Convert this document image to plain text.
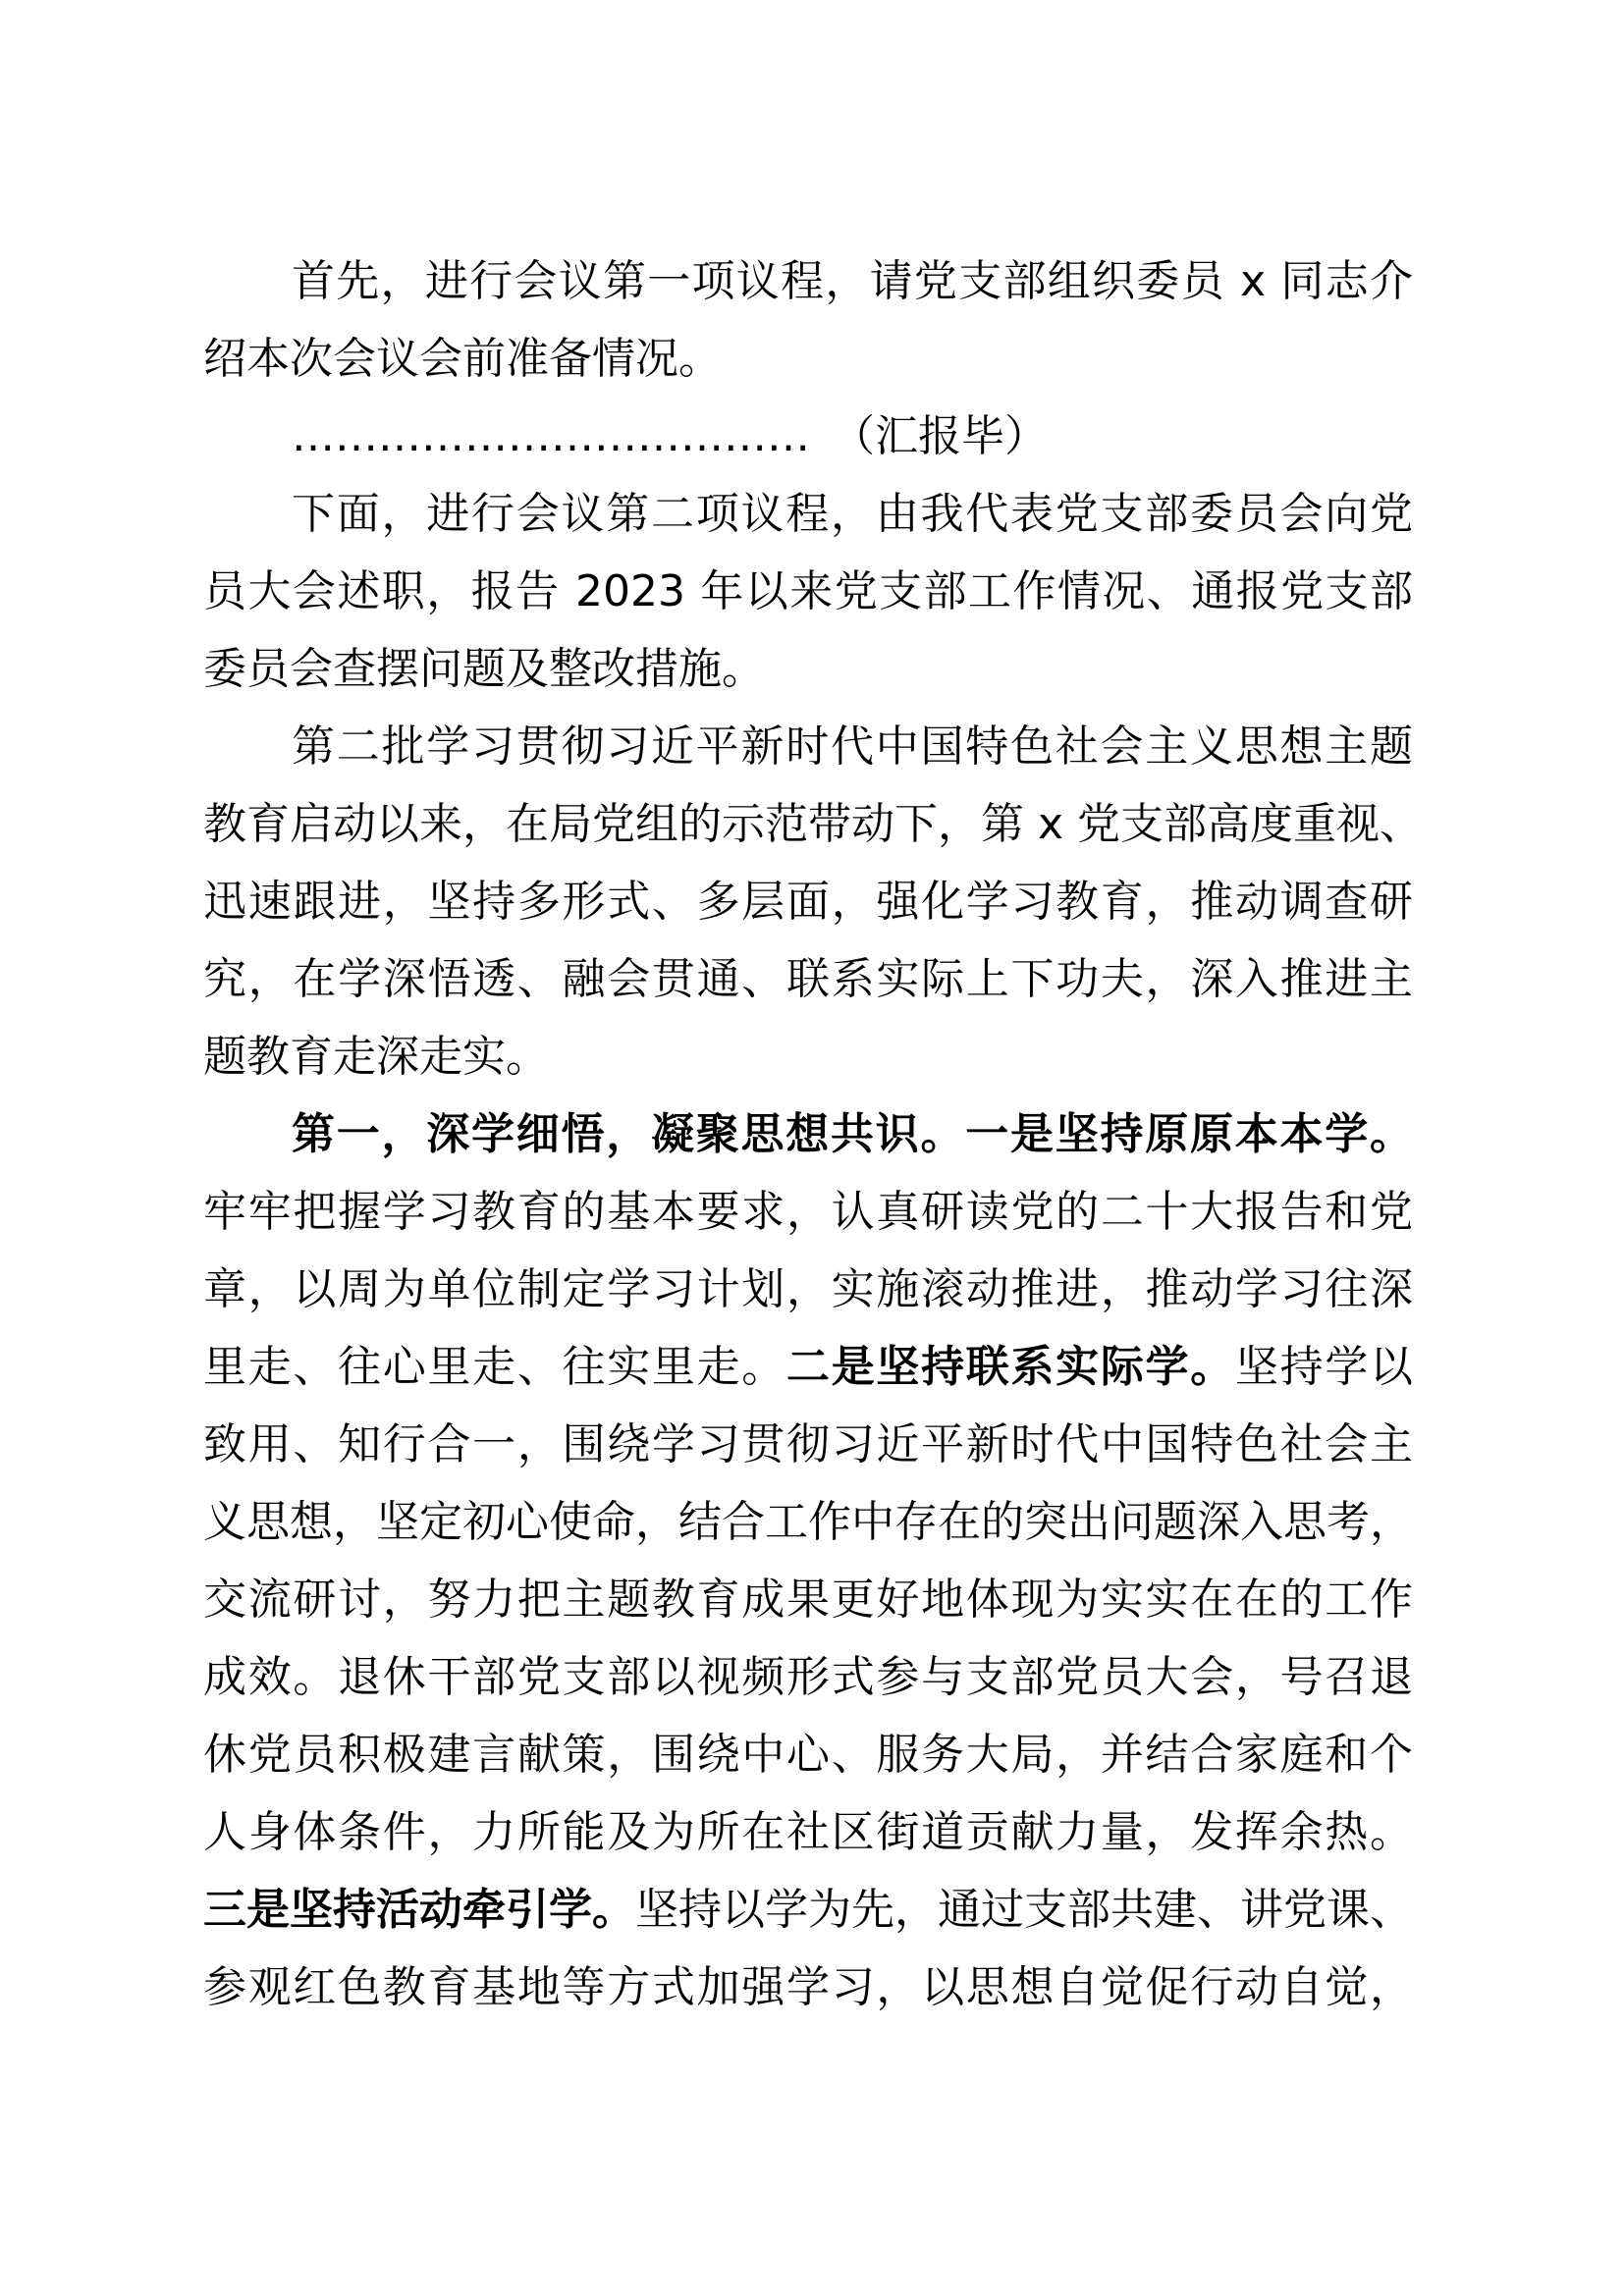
首先，进行会议第一项议程，请党支部组织委员 x 同志介
绍本次会议会前准备情况。
………………………………　（汇报毕）
下面，进行会议第二项议程，由我代表党支部委员会向党
员大会述职，报告 2023 年以来党支部工作情况、通报党支部
委员会查摆问题及整改措施。
第二批学习贯彻习近平新时代中国特色社会主义思想主题
教育启动以来，在局党组的示范带动下，第 x 党支部高度重视、
迅速跟进，坚持多形式、多层面，强化学习教育，推动调查研
究，在学深悟透、融会贯通、联系实际上下功夫，深入推进主
题教育走深走实。
第一，深学细悟，凝聚思想共识。一是坚持原原本本学。
牢牢把握学习教育的基本要求，认真研读党的二十大报告和党
章，以周为单位制定学习计划，实施滚动推进，推动学习往深
里走、往心里走、往实里走。二是坚持联系实际学。坚持学以
致用、知行合一，围绕学习贯彻习近平新时代中国特色社会主
义思想，坚定初心使命，结合工作中存在的突出问题深入思考，
交流研讨，努力把主题教育成果更好地体现为实实在在的工作
成效。退休干部党支部以视频形式参与支部党员大会，号召退
休党员积极建言献策，围绕中心、服务大局，并结合家庭和个
人身体条件，力所能及为所在社区街道贡献力量，发挥余热。
三是坚持活动牵引学。坚持以学为先，通过支部共建、讲党课、
参观红色教育基地等方式加强学习，以思想自觉促行动自觉，
